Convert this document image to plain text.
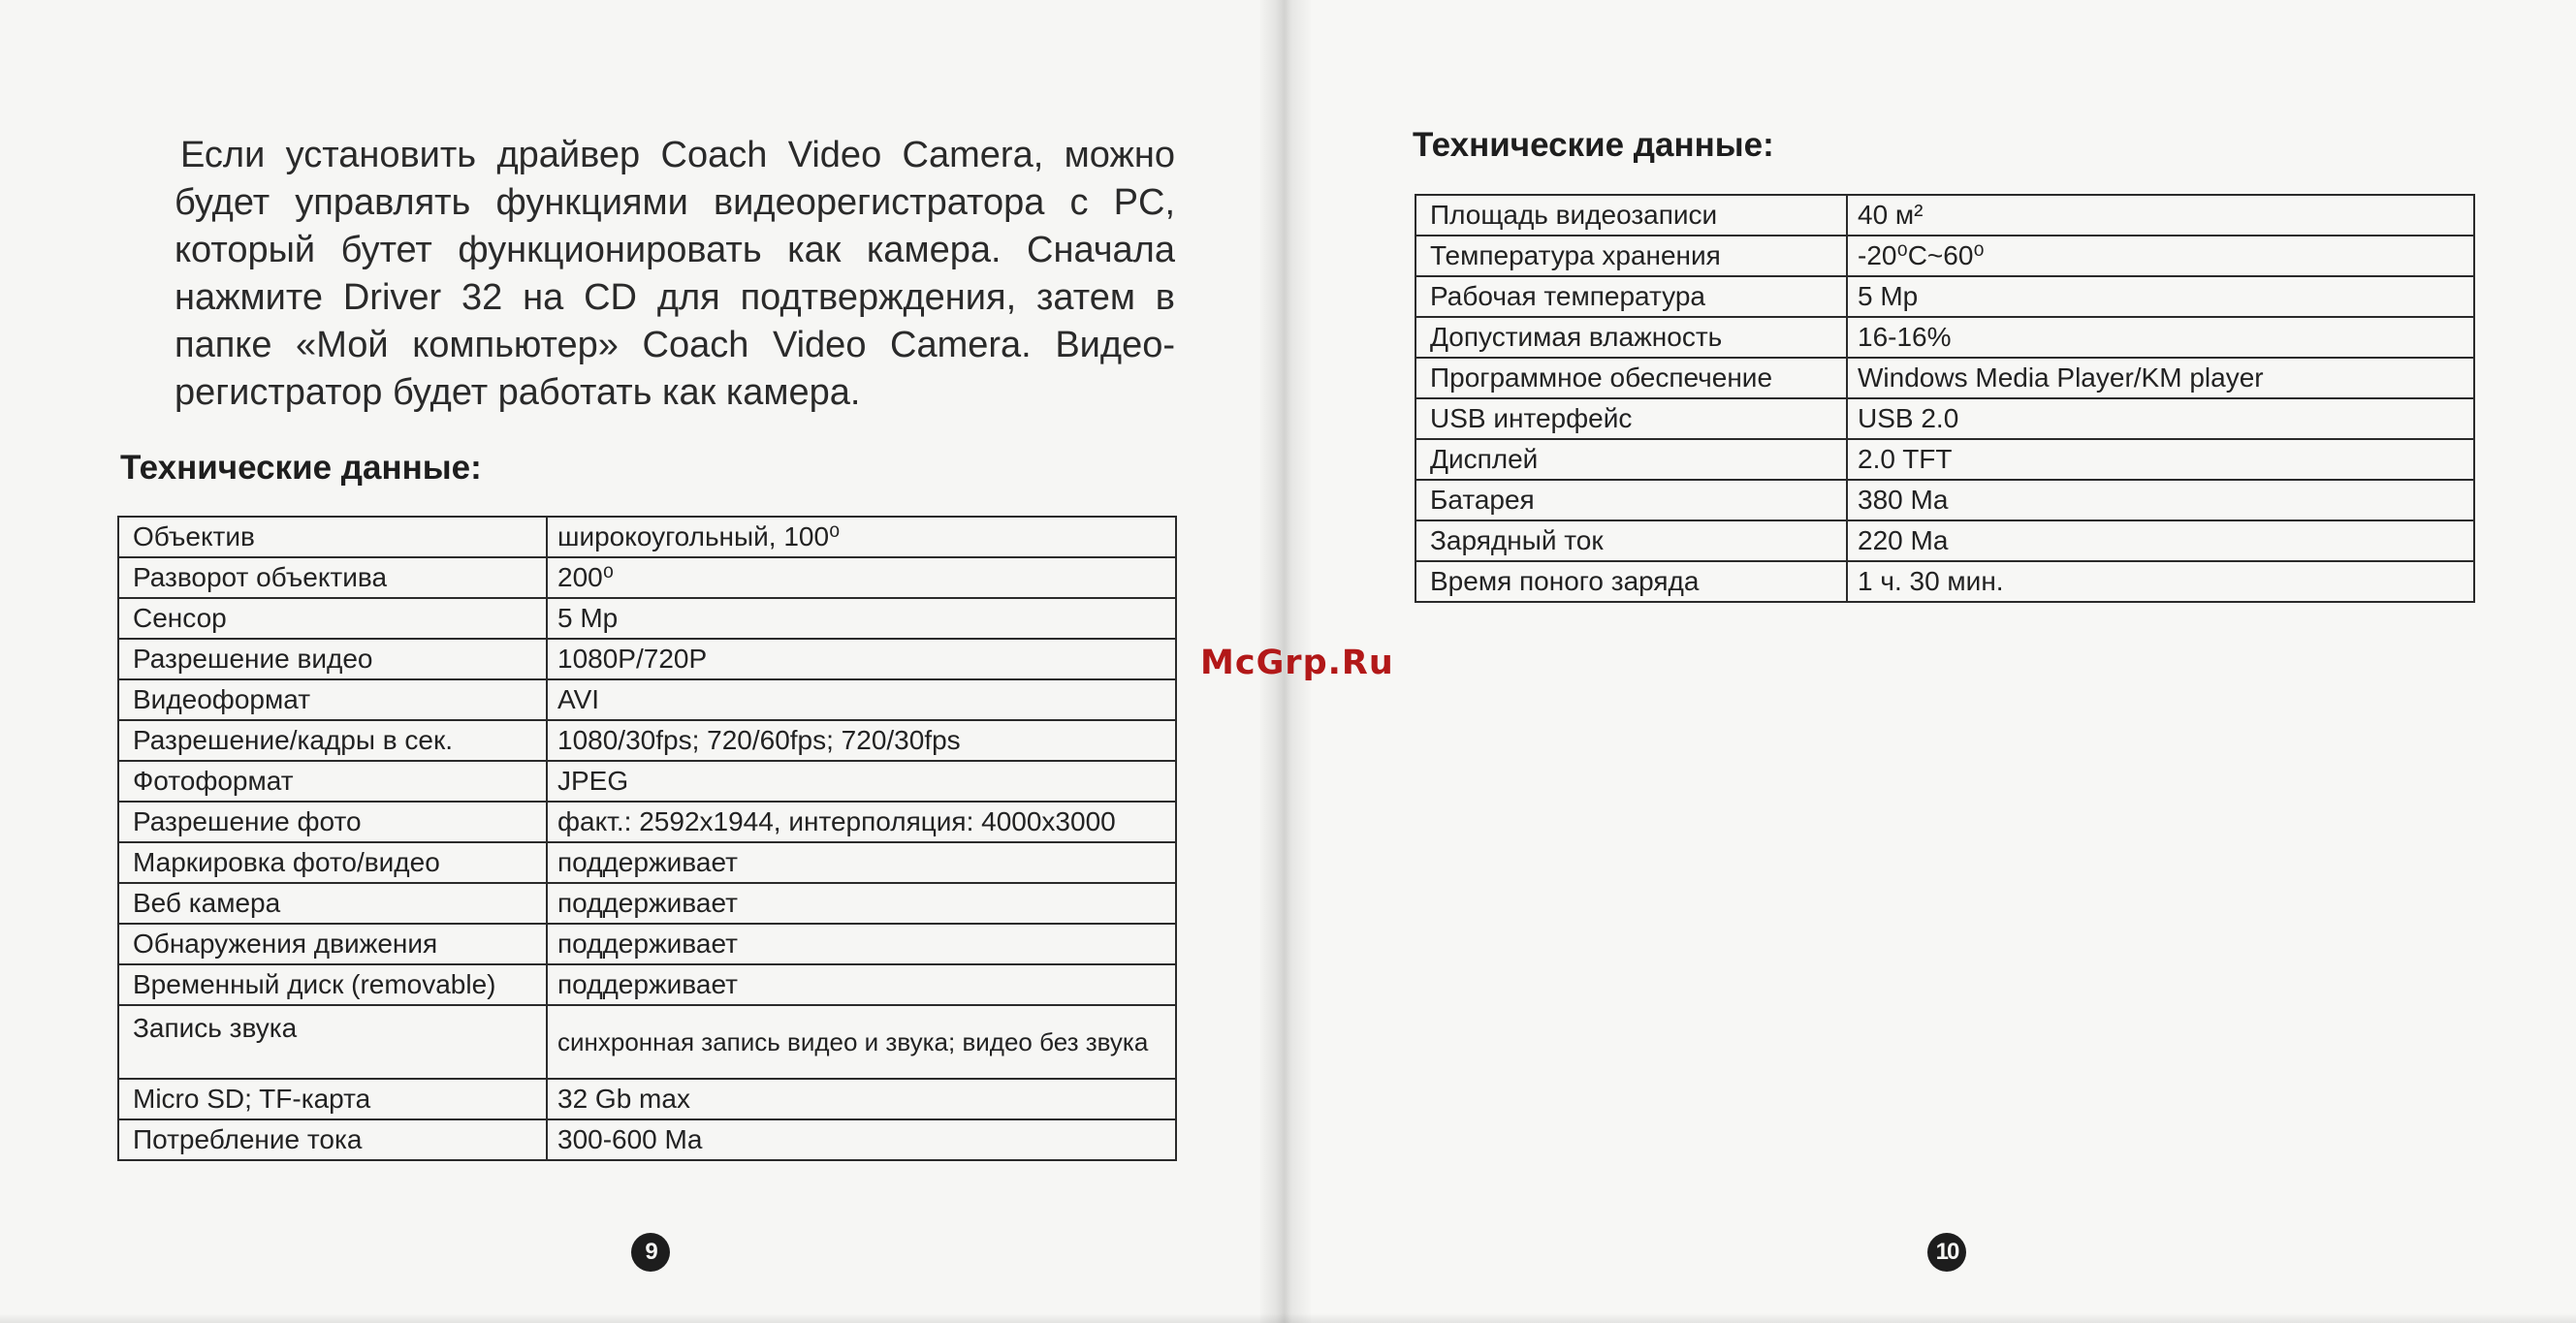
Если установить драйвер Coach Video Camera, можно будет управлять функциями видеорегистратора с PC, который бутет функционировать как камера. Сначала нажмите Driver 32 на CD для подтверждения, затем в папке «Мой компьютер» Coach Video Camera. Видео-регистратор будет работать как камера.

Технические данные:
Объектив	широкоугольный, 100⁰
Разворот объектива	200⁰
Сенсор	5 Mp
Разрешение видео	1080P/720P
Видеоформат	AVI
Разрешение/кадры в сек.	1080/30fps; 720/60fps; 720/30fps
Фотоформат	JPEG
Разрешение фото	факт.: 2592x1944, интерполяция: 4000x3000
Маркировка фото/видео	поддерживает
Веб камера	поддерживает
Обнаружения движения	поддерживает
Временный диск (removable)	поддерживает
Запись звука	синхронная запись видео и звука; видео без звука
Micro SD; TF-карта	32 Gb max
Потребление тока	300-600 Ma
9
Технические данные:
Площадь видеозаписи	40 м²
Температура хранения	-20⁰C~60⁰
Рабочая температура	5 Mp
Допустимая влажность	16-16%
Программное обеспечение	Windows Media Player/KM player
USB интерфейс	USB 2.0
Дисплей	2.0 TFT
Батарея	380 Ma
Зарядный ток	220 Ma
Время поного заряда	1 ч. 30 мин.
10

McGrp.Ru
